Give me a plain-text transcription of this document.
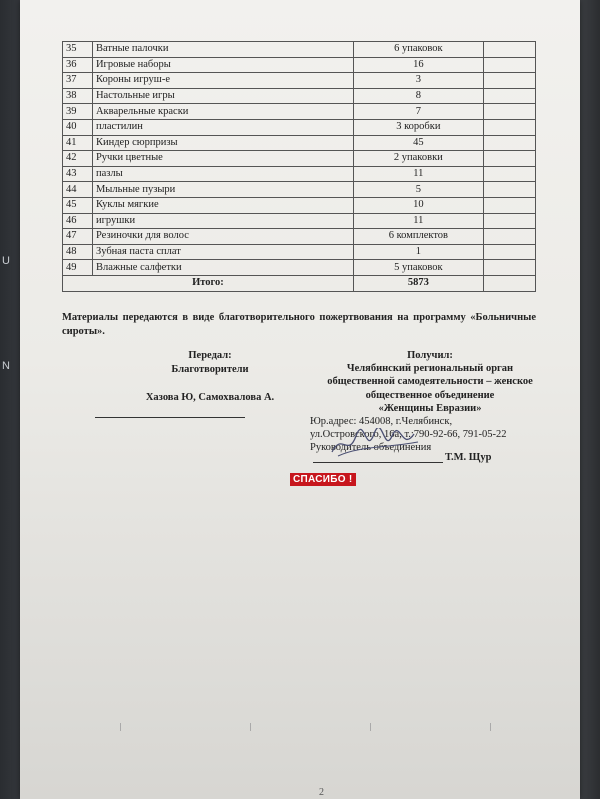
U
N
35	Ватные палочки	6 упаковок	
36	Игровые наборы	16	
37	Короны игруш-е	3	
38	Настольные игры	8	
39	Акварельные краски	7	
40	пластилин	3 коробки	
41	Киндер сюрпризы	45	
42	Ручки цветные	2 упаковки	
43	пазлы	11	
44	Мыльные пузыри	5	
45	Куклы мягкие	10	
46	игрушки	11	
47	Резиночки для волос	6 комплектов	
48	Зубная паста сплат	1	
49	Влажные салфетки	5 упаковок	
Итого:		5873	
Материалы передаются в виде благотворительного пожертвования на программу «Больничные сироты».
Передал:
Благотворители
Хазова Ю, Самохвалова А.
Получил:
Челябинский региональный орган
общественной самодеятельности – женское
общественное объединение
«Женщины Евразии»
Юр.адрес: 454008, г.Челябинск,
ул.Островского, 16а, т.:790-92-66, 791-05-22
Руководитель объединения
Т.М. Щур
СПАСИБО !
2
